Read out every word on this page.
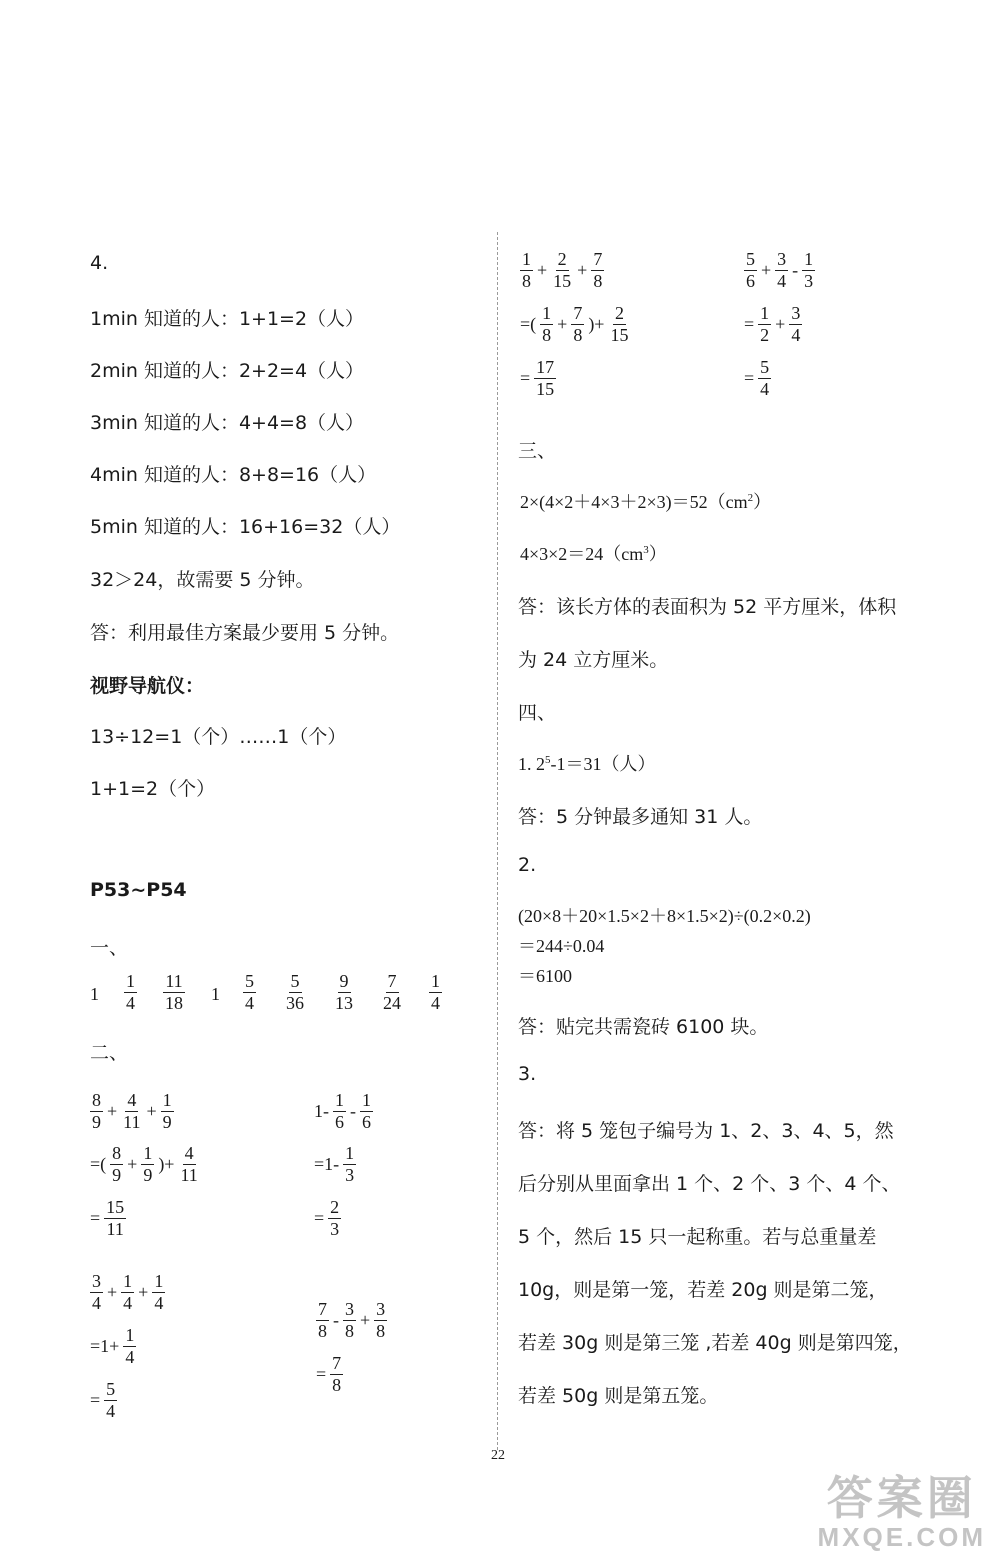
4.
1min 知道的人：1+1=2（人）
2min 知道的人：2+2=4（人）
3min 知道的人：4+4=8（人）
4min 知道的人：8+8=16（人）
5min 知道的人：16+16=32（人）
32＞24，故需要 5 分钟。
答：利用最佳方案最少要用 5 分钟。
视野导航仪：
13÷12=1（个）……1（个）
1+1=2（个）
P53~P54
一、
1
1
4
11
18 1
5
4
5
36
9
13
7
24
1
4
二、
$\frac{8}{9} + \frac{4}{11} + \frac{1}{9}$
=( $\frac{8}{9} + \frac{1}{9}$ )+ $\frac{4}{11}$
= $\frac{15}{11}$
$1- \frac{1}{6} - \frac{1}{6}$
$=1- \frac{1}{3}$
= $\frac{2}{3}$
$\frac{3}{4} + \frac{1}{4} + \frac{1}{4}$
$=1+ \frac{1}{4}$
= $\frac{5}{4}$
$\frac{7}{8} - \frac{3}{8} + \frac{3}{8}$
= $\frac{7}{8}$
$\frac{1}{8} + \frac{2}{15} + \frac{7}{8}$
=( $\frac{1}{8} + \frac{7}{8}$ )+ $\frac{2}{15}$
= $\frac{17}{15}$
$\frac{5}{6} + \frac{3}{4} - \frac{1}{3}$
= $\frac{1}{2} + \frac{3}{4}$
= $\frac{5}{4}$
三、
$2\times(4\times 2+4\times 3+2\times 3)=52(cm^2)$
$4\times 3\times 2=24(cm^3)$
答：该长方体的表面积为 52 平方厘米，体积
为 24 立方厘米。
四、
1. $2^5-1=31$（人）
答：5 分钟最多通知 31 人。
2.
(20×8＋20×1.5×2＋8×1.5×2)÷(0.2×0.2)
＝244÷0.04
＝6100
答：贴完共需瓷砖 6100 块。
3.
答：将 5 笼包子编号为 1、2、3、4、5，然
后分别从里面拿出 1 个、2 个、3 个、4 个、
5 个，然后 15 只一起称重。若与总重量差
10g，则是第一笼，若差 20g 则是第二笼，
若差 30g 则是第三笼 ,若差 40g 则是第四笼，
若差 50g 则是第五笼。
22
答案圈
MXQE.COM
